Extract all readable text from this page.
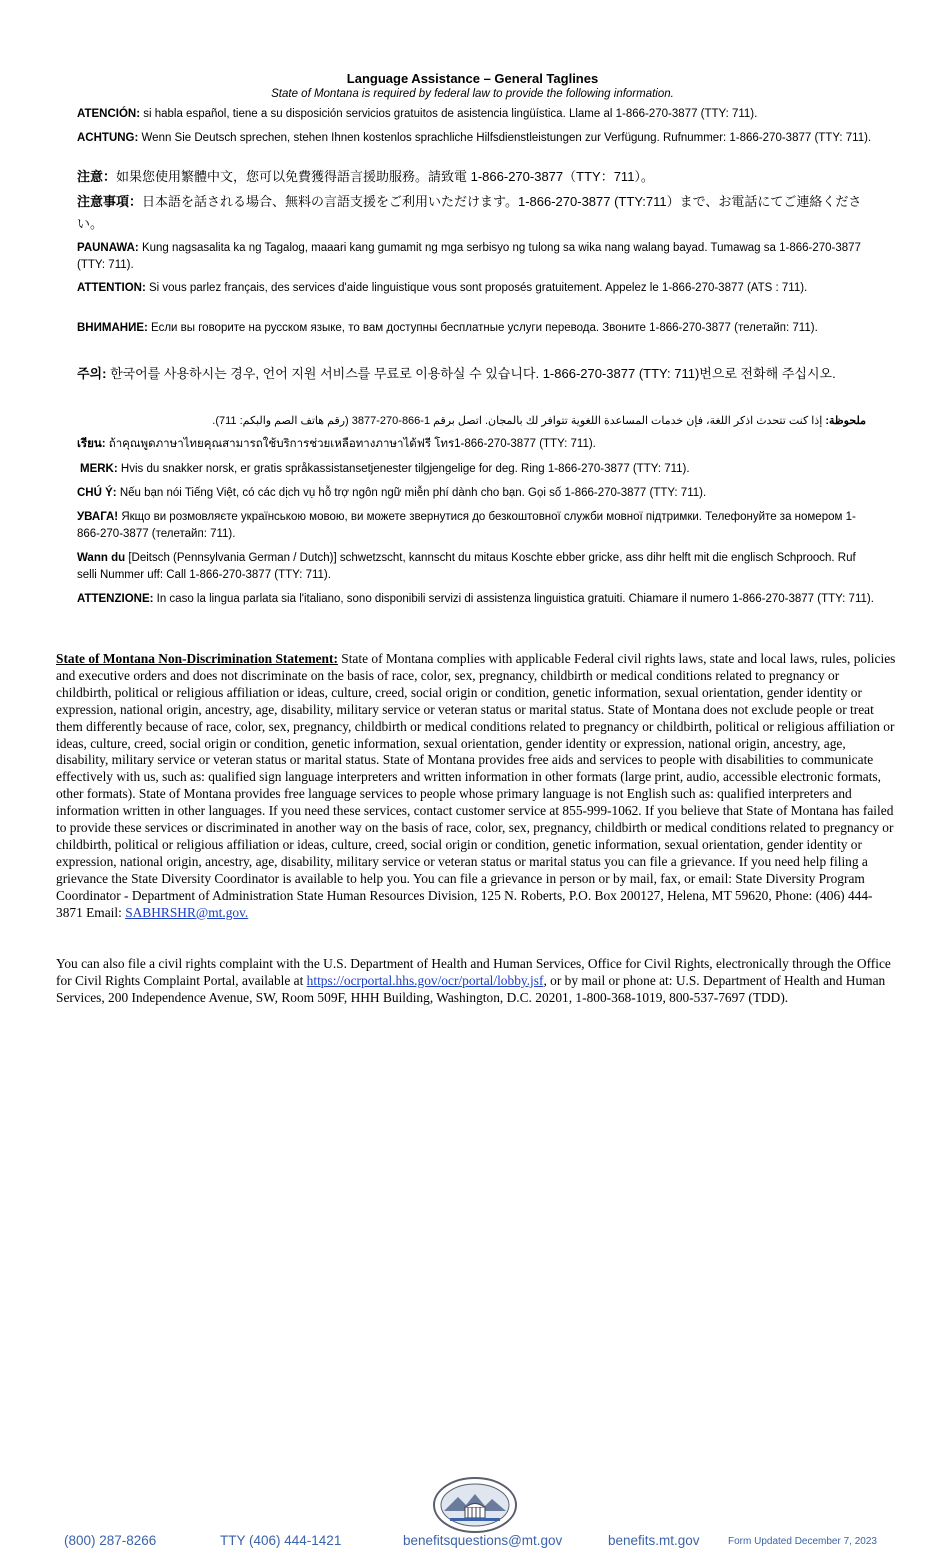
Language Assistance – General Taglines
State of Montana is required by federal law to provide the following information.
ATENCIÓN: si habla español, tiene a su disposición servicios gratuitos de asistencia lingüística. Llame al 1-866-270-3877 (TTY: 711).
ACHTUNG: Wenn Sie Deutsch sprechen, stehen Ihnen kostenlos sprachliche Hilfsdienstleistungen zur Verfügung. Rufnummer: 1-866-270-3877 (TTY: 711).
注意：如果您使用繁體中文，您可以免費獲得語言援助服務。請致電 1-866-270-3877（TTY：711）。
注意事項：日本語を話される場合、無料の言語支援をご利用いただけます。1-866-270-3877 (TTY:711）まで、お電話にてご連絡ください。
PAUNAWA: Kung nagsasalita ka ng Tagalog, maaari kang gumamit ng mga serbisyo ng tulong sa wika nang walang bayad. Tumawag sa 1-866-270-3877 (TTY: 711).
ATTENTION: Si vous parlez français, des services d'aide linguistique vous sont proposés gratuitement. Appelez le 1-866-270-3877 (ATS : 711).
ВНИМАНИЕ: Если вы говорите на русском языке, то вам доступны бесплатные услуги перевода. Звоните 1-866-270-3877 (телетайп: 711).
주의: 한국어를 사용하시는 경우, 언어 지원 서비스를 무료로 이용하실 수 있습니다. 1-866-270-3877 (TTY: 711)번으로 전화해 주십시오.
ملحوظة: إذا كنت تتحدث اذكر اللغة، فإن خدمات المساعدة اللغوية تتوافر لك بالمجان. اتصل برقم 1-866-270-3877 (رقم هاتف الصم والبكم: 711).
เรียน: ถ้าคุณพูดภาษาไทยคุณสามารถใช้บริการช่วยเหลือทางภาษาได้ฟรี โทร1-866-270-3877 (TTY: 711).
MERK: Hvis du snakker norsk, er gratis språkassistansetjenester tilgjengelige for deg. Ring 1-866-270-3877 (TTY: 711).
CHÚ Ý: Nếu bạn nói Tiếng Việt, có các dịch vụ hỗ trợ ngôn ngữ miễn phí dành cho bạn. Gọi số 1-866-270-3877 (TTY: 711).
УВАГА! Якщо ви розмовляєте українською мовою, ви можете звернутися до безкоштовної служби мовної підтримки. Телефонуйте за номером 1-866-270-3877 (телетайп: 711).
Wann du [Deitsch (Pennsylvania German / Dutch)] schwetzscht, kannscht du mitaus Koschte ebber gricke, ass dihr helft mit die englisch Schprooch. Ruf selli Nummer uff: Call 1-866-270-3877 (TTY: 711).
ATTENZIONE: In caso la lingua parlata sia l'italiano, sono disponibili servizi di assistenza linguistica gratuiti. Chiamare il numero 1-866-270-3877 (TTY: 711).
State of Montana Non-Discrimination Statement: State of Montana complies with applicable Federal civil rights laws, state and local laws, rules, policies and executive orders and does not discriminate on the basis of race, color, sex, pregnancy, childbirth or medical conditions related to pregnancy or childbirth, political or religious affiliation or ideas, culture, creed, social origin or condition, genetic information, sexual orientation, gender identity or expression, national origin, ancestry, age, disability, military service or veteran status or marital status. State of Montana does not exclude people or treat them differently because of race, color, sex, pregnancy, childbirth or medical conditions related to pregnancy or childbirth, political or religious affiliation or ideas, culture, creed, social origin or condition, genetic information, sexual orientation, gender identity or expression, national origin, ancestry, age, disability, military service or veteran status or marital status. State of Montana provides free aids and services to people with disabilities to communicate effectively with us, such as: qualified sign language interpreters and written information in other formats (large print, audio, accessible electronic formats, other formats). State of Montana provides free language services to people whose primary language is not English such as: qualified interpreters and information written in other languages. If you need these services, contact customer service at 855-999-1062. If you believe that State of Montana has failed to provide these services or discriminated in another way on the basis of race, color, sex, pregnancy, childbirth or medical conditions related to pregnancy or childbirth, political or religious affiliation or ideas, culture, creed, social origin or condition, genetic information, sexual orientation, gender identity or expression, national origin, ancestry, age, disability, military service or veteran status or marital status you can file a grievance. If you need help filing a grievance the State Diversity Coordinator is available to help you. You can file a grievance in person or by mail, fax, or email: State Diversity Program Coordinator - Department of Administration State Human Resources Division, 125 N. Roberts, P.O. Box 200127, Helena, MT 59620, Phone: (406) 444-3871 Email: SABHRSHR@mt.gov.
You can also file a civil rights complaint with the U.S. Department of Health and Human Services, Office for Civil Rights, electronically through the Office for Civil Rights Complaint Portal, available at https://ocrportal.hhs.gov/ocr/portal/lobby.jsf, or by mail or phone at: U.S. Department of Health and Human Services, 200 Independence Avenue, SW, Room 509F, HHH Building, Washington, D.C. 20201, 1-800-368-1019, 800-537-7697 (TDD).
(800) 287-8266	TTY (406) 444-1421	benefitsquestions@mt.gov	benefits.mt.gov	Form Updated December 7, 2023
